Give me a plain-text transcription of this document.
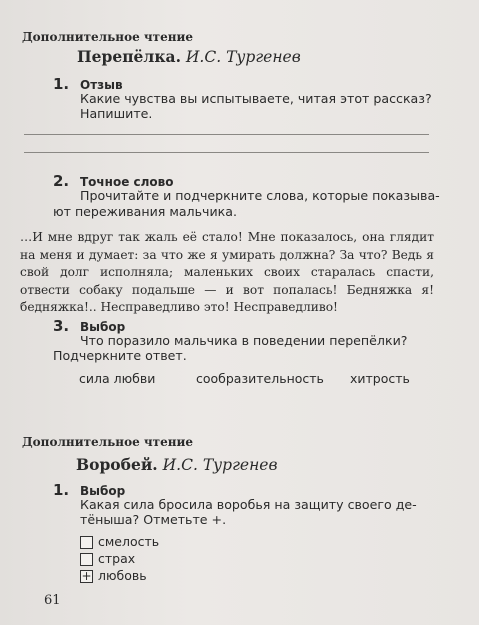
Дополнительное чтение
Перепёлка. И.С. Тургенев
1. Отзыв
Какие чувства вы испытываете, читая этот рассказ?
Напишите.
2. Точное слово
Прочитайте и подчеркните слова, которые показыва-
ют переживания мальчика.

…И мне вдруг так жаль её стало! Мне показалось, она глядит на меня и думает: за что же я умирать должна? За что? Ведь я свой долг исполняла; маленьких своих старалась спасти, отвести собаку подальше — и вот попалась! Бедняжка я! бедняжка!.. Несправедливо это! Несправедливо!

3. Выбор
Что поразило мальчика в поведении перепёлки?
Подчеркните ответ.
сила любви	сообразительность хитрость
Дополнительное чтение
Воробей. И.С. Тургенев
1. Выбор
Какая сила бросила воробья на защиту своего де-
тёныша? Отметьте +.
смелость
страх
+ любовь
61
